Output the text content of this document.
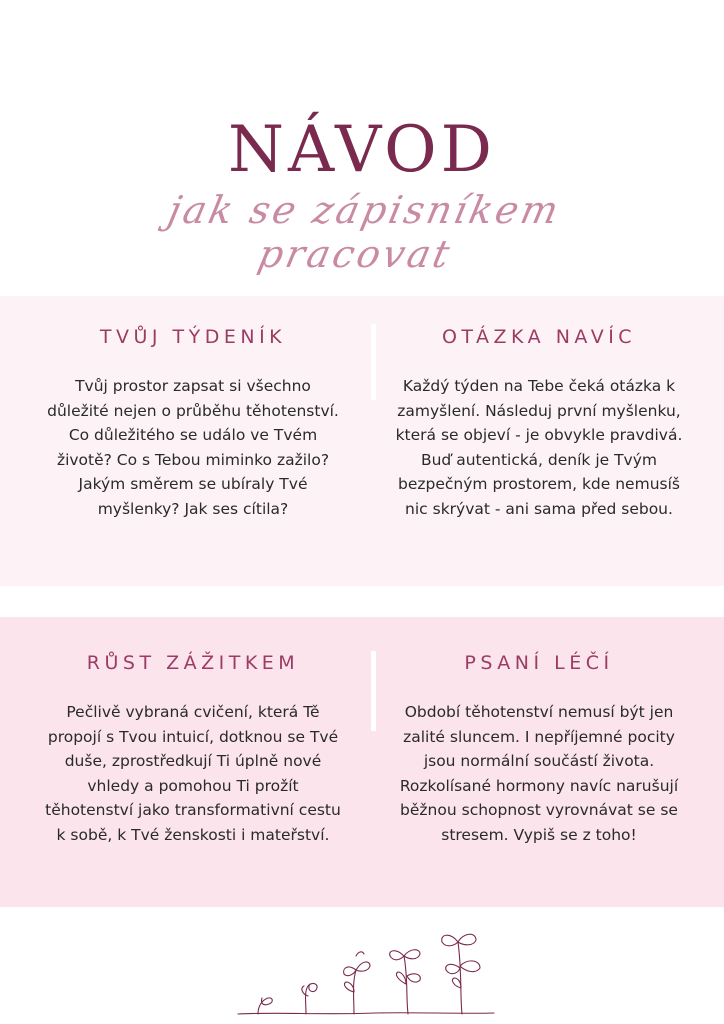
NÁVOD
jak se zápisníkem pracovat
TVŮJ TÝDENÍK
Tvůj prostor zapsat si všechno důležité nejen o průběhu těhotenství. Co důležitého se událo ve Tvém životě? Co s Tebou miminko zažilo? Jakým směrem se ubíraly Tvé myšlenky? Jak ses cítila?
OTÁZKA NAVÍC
Každý týden na Tebe čeká otázka k zamyšlení. Následuj první myšlenku, která se objeví - je obvykle pravdivá. Buď autentická, deník je Tvým bezpečným prostorem, kde nemusíš nic skrývat - ani sama před sebou.
RŮST ZÁŽITKEM
Pečlivě vybraná cvičení, která Tě propojí s Tvou intuicí, dotknou se Tvé duše, zprostředkují Ti úplně nové vhledy a pomohou Ti prožít těhotenství jako transformativní cestu k sobě, k Tvé ženskosti i mateřství.
PSANÍ LÉČÍ
Období těhotenství nemusí být jen zalité sluncem. I nepříjemné pocity jsou normální součástí života. Rozkolísané hormony navíc narušují běžnou schopnost vyrovnávat se se stresem. Vypiš se z toho!
